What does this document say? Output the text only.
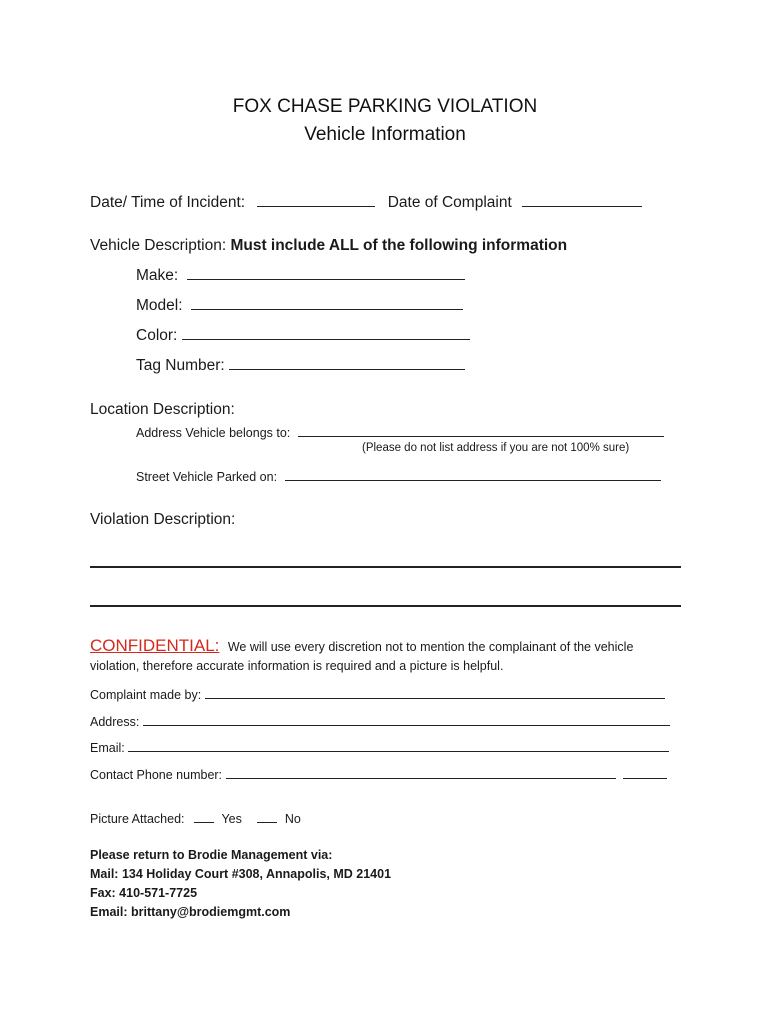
FOX CHASE PARKING VIOLATION
Vehicle Information
Date/ Time of Incident:	Date of Complaint
Vehicle Description: Must include ALL of the following information
Make:
Model:
Color:
Tag Number:
Location Description:
Address Vehicle belongs to:
(Please do not list address if you are not 100% sure)
Street Vehicle Parked on:
Violation Description:
CONFIDENTIAL: We will use every discretion not to mention the complainant of the vehicle
violation, therefore accurate information is required and a picture is helpful.
Complaint made by:
Address:
Email:
Contact Phone number:
Picture Attached:	Yes	No
Please return to Brodie Management via:
Mail: 134 Holiday Court #308, Annapolis, MD 21401
Fax: 410-571-7725
Email: brittany@brodiemgmt.com
